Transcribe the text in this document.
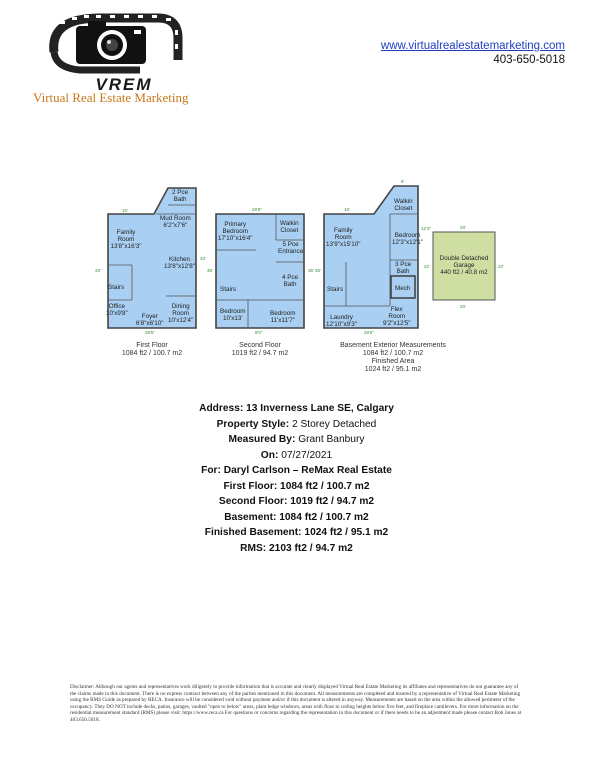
VREM
Virtual Real Estate Marketing
www.virtualrealestatemarketing.com
403-650-5018
15'
33'
28'6"
33'
28'6"
36'
8'0"
36'
16'
8'
35'
28'6"
12'3"	20'
20'
22'	22'
2 Pce
Bath
Mud Room
6'2"x7'6"
Family
Room
13'8"x16'3"
Kitchen
13'8"x12'8"
Stairs
Office
10'x9'8"	Foyer
6'8"x6'10"
Dining
Room
10'x12'4"
First Floor
1084 ft2 / 100.7 m2
Primary
Bedroom
17'10"x16'4"
Walkin
Closet
5 Pce
Entrance
4 Pce
Bath
Stairs
Bedroom
10'x13'
Bedroom
11'x11'7"
Second Floor
1019 ft2 / 94.7 m2
Walkin
Closet
Family
Room
13'9"x15'10"
Bedroom
12'3"x12'1"
3 Pce
Bath
Mech
Stairs
Laundry
12'10"x9'3"
Flex
Room
9'2"x12'5"
Basement Exterior Measurements
1084 ft2 / 100.7 m2
Finished Area
1024 ft2 / 95.1 m2
Double Detached
Garage
440 ft2 / 40.8 m2
Address: 13 Inverness Lane SE, Calgary
Property Style: 2 Storey Detached
Measured By: Grant Banbury
On: 07/27/2021
For: Daryl Carlson – ReMax Real Estate
First Floor: 1084 ft2 / 100.7 m2
Second Floor: 1019 ft2 / 94.7 m2
Basement: 1084 ft2 / 100.7 m2
Finished Basement: 1024 ft2 / 95.1 m2
RMS: 2103 ft2 / 94.7 m2
Disclaimer: Although our agents and representatives work diligently to provide information that is accurate and clearly displayed Virtual Real Estate Marketing its affiliates and representatives do not guarantee any of the claims made in this document. There is no express contract between any of the parties mentioned in this document. All measurements are completed and insured by a representative of Virtual Real Estate Marketing using the RMS Guide as prepared by RECA. Insurance will be considered void without payment and/or if this document is altered in anyway. Measurements are based on the area within the allowed perimeter of the occupancy. They DO NOT include decks, patios, garages, vaulted "open to below" areas, plant ledge windows, areas with floor to ceiling heights below five feet, and fireplace cantilevers. For more information on the residential measurement standard (RMS) please visit: https://www.reca.ca For questions or concerns regarding the representation in this document or if there needs to be an adjustment made please contact Rob Jones at 403.650.5018.
